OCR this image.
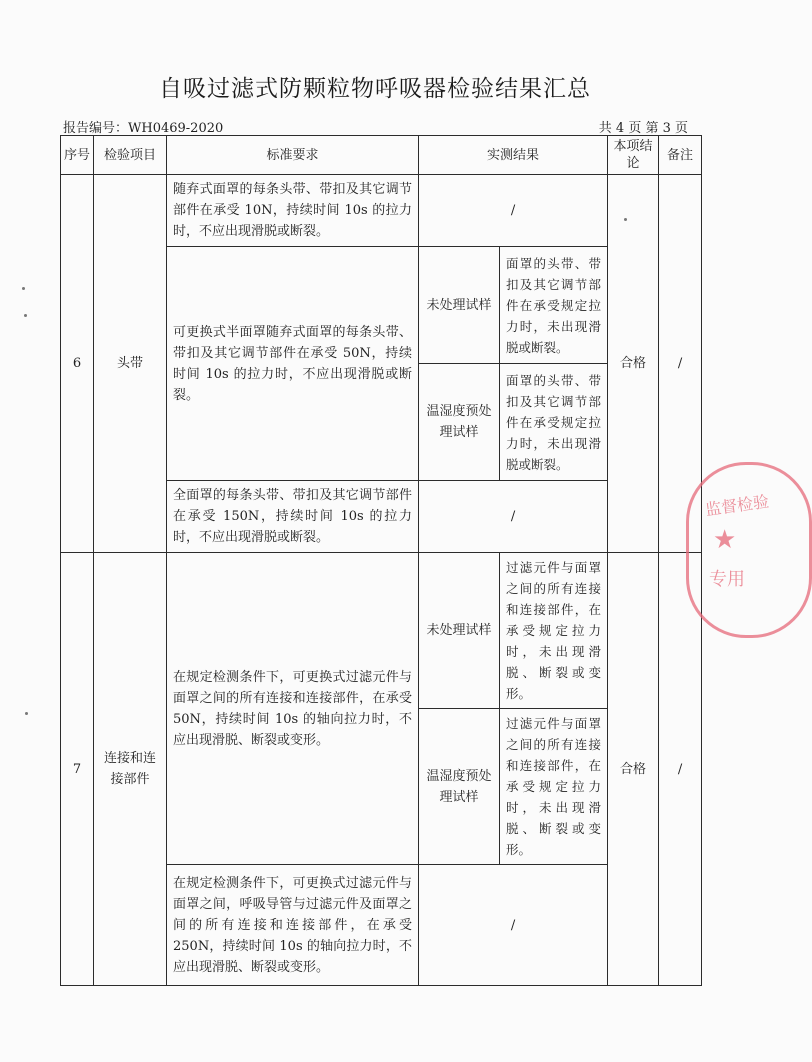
自吸过滤式防颗粒物呼吸器检验结果汇总
报告编号：WH0469-2020	共 4 页 第 3 页
序号	检验项目	标准要求	实测结果		本项结论	备注
6	头带	随弃式面罩的每条头带、带扣及其它调节部件在承受 10N，持续时间 10s 的拉力时，不应出现滑脱或断裂。	/		合格	/
		可更换式半面罩随弃式面罩的每条头带、带扣及其它调节部件在承受 50N，持续时间 10s 的拉力时，不应出现滑脱或断裂。	未处理试样	面罩的头带、带扣及其它调节部件在承受规定拉力时，未出现滑脱或断裂。		
			温湿度预处理试样	面罩的头带、带扣及其它调节部件在承受规定拉力时，未出现滑脱或断裂。		
		全面罩的每条头带、带扣及其它调节部件在承受 150N，持续时间 10s 的拉力时，不应出现滑脱或断裂。	/			
7	连接和连接部件	在规定检测条件下，可更换式过滤元件与面罩之间的所有连接和连接部件，在承受 50N，持续时间 10s 的轴向拉力时，不应出现滑脱、断裂或变形。	未处理试样	过滤元件与面罩之间的所有连接和连接部件，在承受规定拉力时，未出现滑脱、断裂或变形。	合格	/
			温湿度预处理试样	过滤元件与面罩之间的所有连接和连接部件，在承受规定拉力时，未出现滑脱、断裂或变形。		
		在规定检测条件下，可更换式过滤元件与面罩之间，呼吸导管与过滤元件及面罩之间的所有连接和连接部件，在承受 250N，持续时间 10s 的轴向拉力时，不应出现滑脱、断裂或变形。	/			
监督检验
★
专用
